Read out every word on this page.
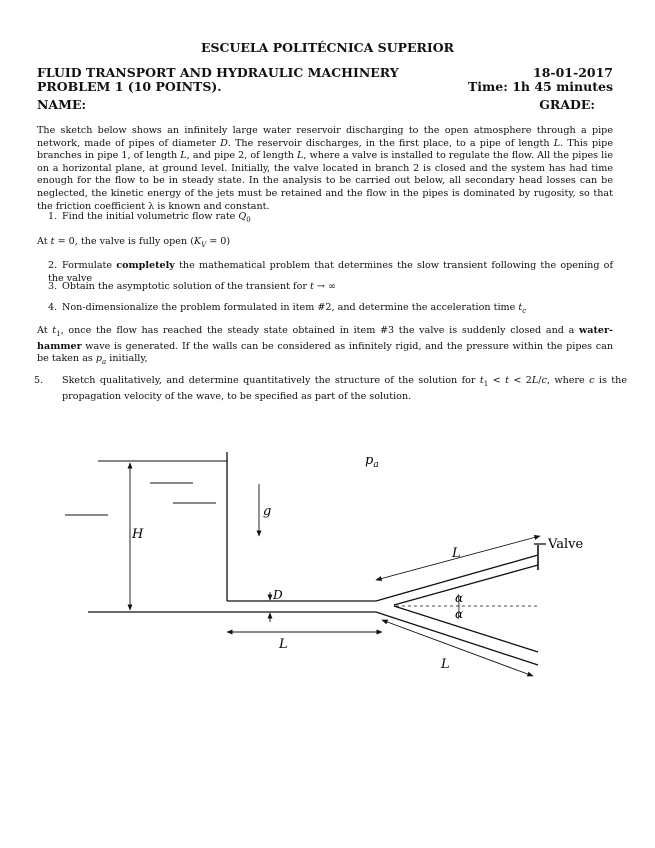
ESCUELA POLITÉCNICA SUPERIOR
FLUID TRANSPORT AND HYDRAULIC MACHINERY	18-01-2017
PROBLEM 1 (10 POINTS).	Time: 1h 45 minutes
NAME:	GRADE:
The sketch below shows an infinitely large water reservoir discharging to the open atmosphere through a pipe network, made of pipes of diameter D. The reservoir discharges, in the first place, to a pipe of length L. This pipe branches in pipe 1, of length L, and pipe 2, of length L, where a valve is installed to regulate the flow. All the pipes lie on a horizontal plane, at ground level. Initially, the valve located in branch 2 is closed and the system has had time enough for the flow to be in steady state. In the analysis to be carried out below, all secondary head losses can be neglected, the kinetic energy of the jets must be retained and the flow in the pipes is dominated by rugosity, so that the friction coefficient λ is known and constant.
1. Find the initial volumetric flow rate $Q_0$
At t = 0, the valve is fully open $(K_V = 0)$
2. Formulate completely the mathematical problem that determines the slow transient following the opening of the valve
3. Obtain the asymptotic solution of the transient for t → ∞
4. Non-dimensionalize the problem formulated in item #2, and determine the acceleration time $t_c$
At $t_1$, once the flow has reached the steady state obtained in item #3 the valve is suddenly closed and a water-hammer wave is generated. If the walls can be considered as infinitely rigid, and the pressure within the pipes can be taken as $p_a$ initially,
5. Sketch qualitatively, and determine quantitatively the structure of the solution for $t_1 < t < 2L/c$, where c is the propagation velocity of the wave, to be specified as part of the solution.
H
g
$p_a$
D
L
Valve
L
L
α
α
